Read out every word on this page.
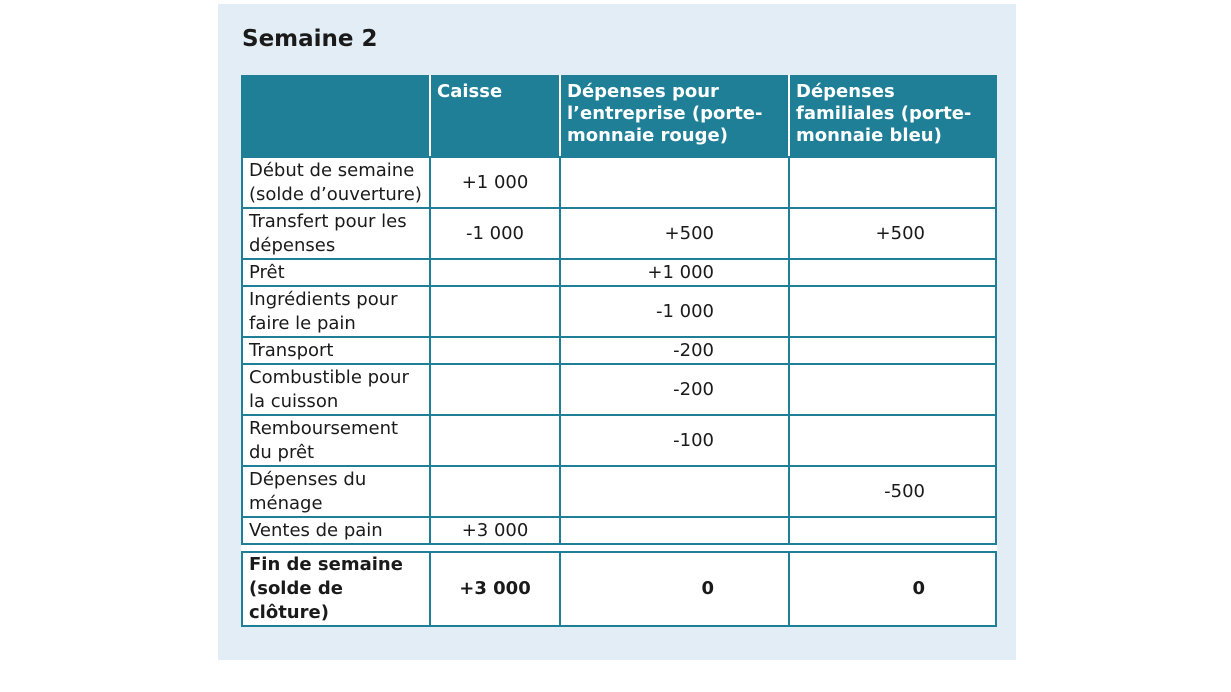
Semaine 2
	Caisse	Dépenses pour l’entreprise (porte-monnaie rouge)	Dépenses familiales (porte-monnaie bleu)
Début de semaine (solde d’ouverture)	+1 000		
Transfert pour les dépenses	-1 000	+500	+500
Prêt		+1 000	
Ingrédients pour faire le pain		-1 000	
Transport		-200	
Combustible pour la cuisson		-200	
Remboursement du prêt		-100	
Dépenses du ménage			-500
Ventes de pain	+3 000		

Fin de semaine (solde de clôture)	+3 000	0	0
